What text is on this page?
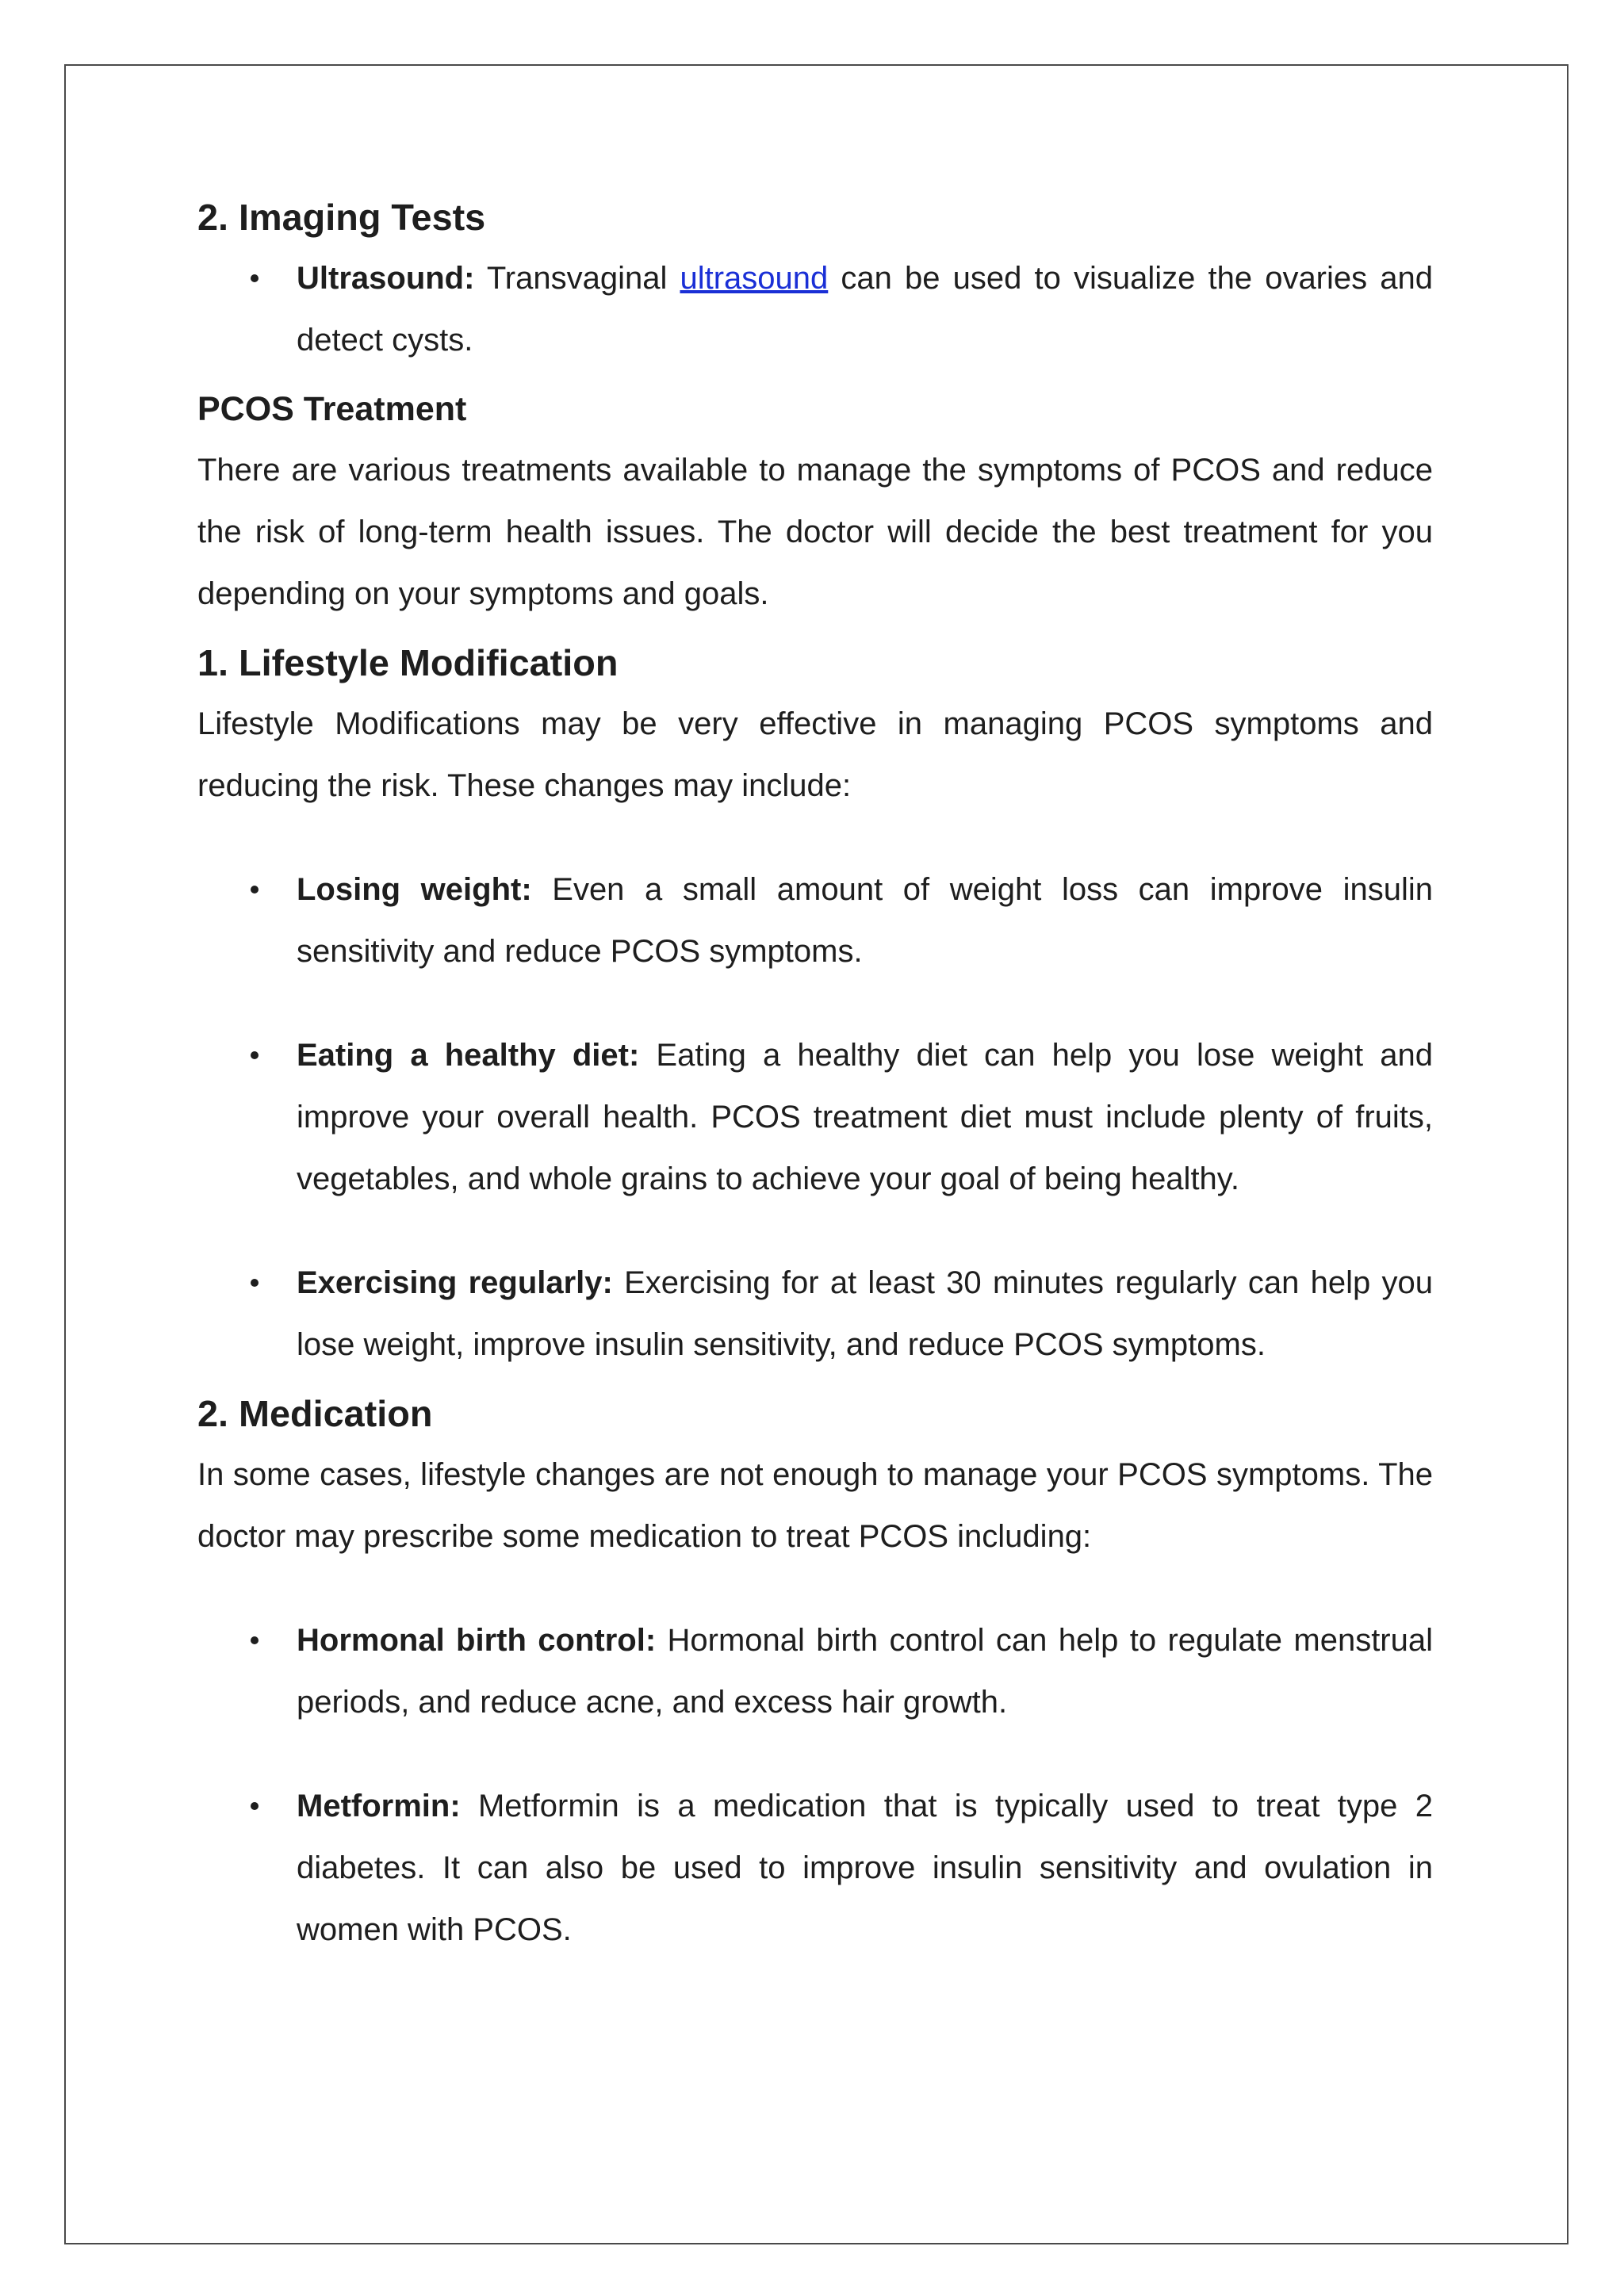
2. Imaging Tests
Ultrasound: Transvaginal ultrasound can be used to visualize the ovaries and detect cysts.
PCOS Treatment

There are various treatments available to manage the symptoms of PCOS and reduce the risk of long-term health issues. The doctor will decide the best treatment for you depending on your symptoms and goals.

1. Lifestyle Modification

Lifestyle Modifications may be very effective in managing PCOS symptoms and reducing the risk. These changes may include:

Losing weight: Even a small amount of weight loss can improve insulin sensitivity and reduce PCOS symptoms.
Eating a healthy diet: Eating a healthy diet can help you lose weight and improve your overall health. PCOS treatment diet must include plenty of fruits, vegetables, and whole grains to achieve your goal of being healthy.
Exercising regularly: Exercising for at least 30 minutes regularly can help you lose weight, improve insulin sensitivity, and reduce PCOS symptoms.
2. Medication

In some cases, lifestyle changes are not enough to manage your PCOS symptoms. The doctor may prescribe some medication to treat PCOS including:

Hormonal birth control: Hormonal birth control can help to regulate menstrual periods, and reduce acne, and excess hair growth.
Metformin: Metformin is a medication that is typically used to treat type 2 diabetes. It can also be used to improve insulin sensitivity and ovulation in women with PCOS.
